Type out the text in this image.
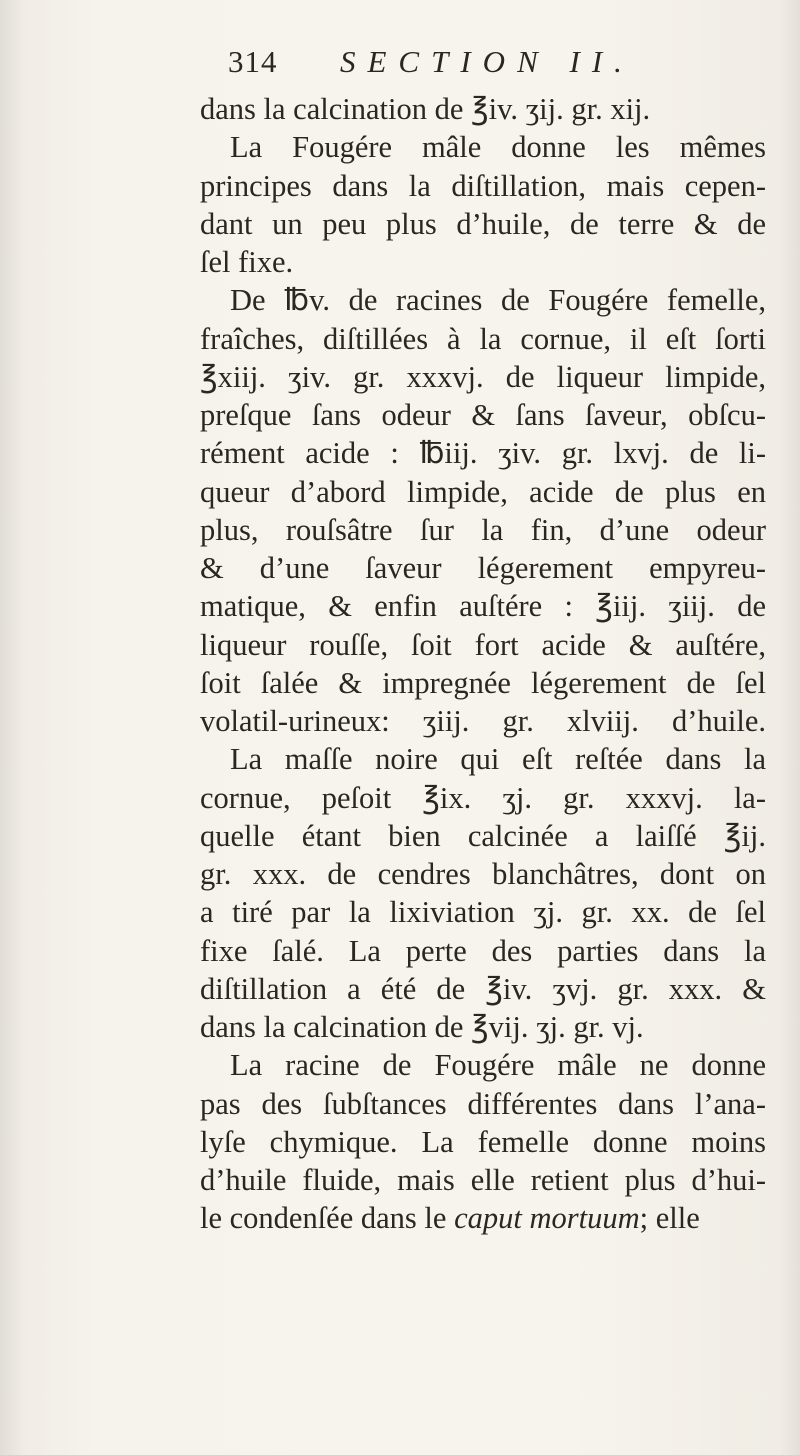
314 SECTION II.
dans la calcination de ℥iv. ʒij. gr. xij.
La Fougére mâle donne les mêmes
principes dans la diſtillation, mais cepen-
dant un peu plus d’huile, de terre & de
ſel fixe.
De ℔v. de racines de Fougére femelle,
fraîches, diſtillées à la cornue, il eſt ſorti
℥xiij. ʒiv. gr. xxxvj. de liqueur limpide,
preſque ſans odeur & ſans ſaveur, obſcu-
rément acide : ℔iij. ʒiv. gr. lxvj. de li-
queur d’abord limpide, acide de plus en
plus, rouſsâtre ſur la fin, d’une odeur
& d’une ſaveur légerement empyreu-
matique, & enfin auſtére : ℥iij. ʒiij. de
liqueur rouſſe, ſoit fort acide & auſtére,
ſoit ſalée & impregnée légerement de ſel
volatil-urineux: ʒiij. gr. xlviij. d’huile.
La maſſe noire qui eſt reſtée dans la
cornue, peſoit ℥ix. ʒj. gr. xxxvj. la-
quelle étant bien calcinée a laiſſé ℥ij.
gr. xxx. de cendres blanchâtres, dont on
a tiré par la lixiviation ʒj. gr. xx. de ſel
fixe ſalé. La perte des parties dans la
diſtillation a été de ℥iv. ʒvj. gr. xxx. &
dans la calcination de ℥vij. ʒj. gr. vj.
La racine de Fougére mâle ne donne
pas des ſubſtances différentes dans l’ana-
lyſe chymique. La femelle donne moins
d’huile fluide, mais elle retient plus d’hui-
le condenſée dans le caput mortuum; elle
